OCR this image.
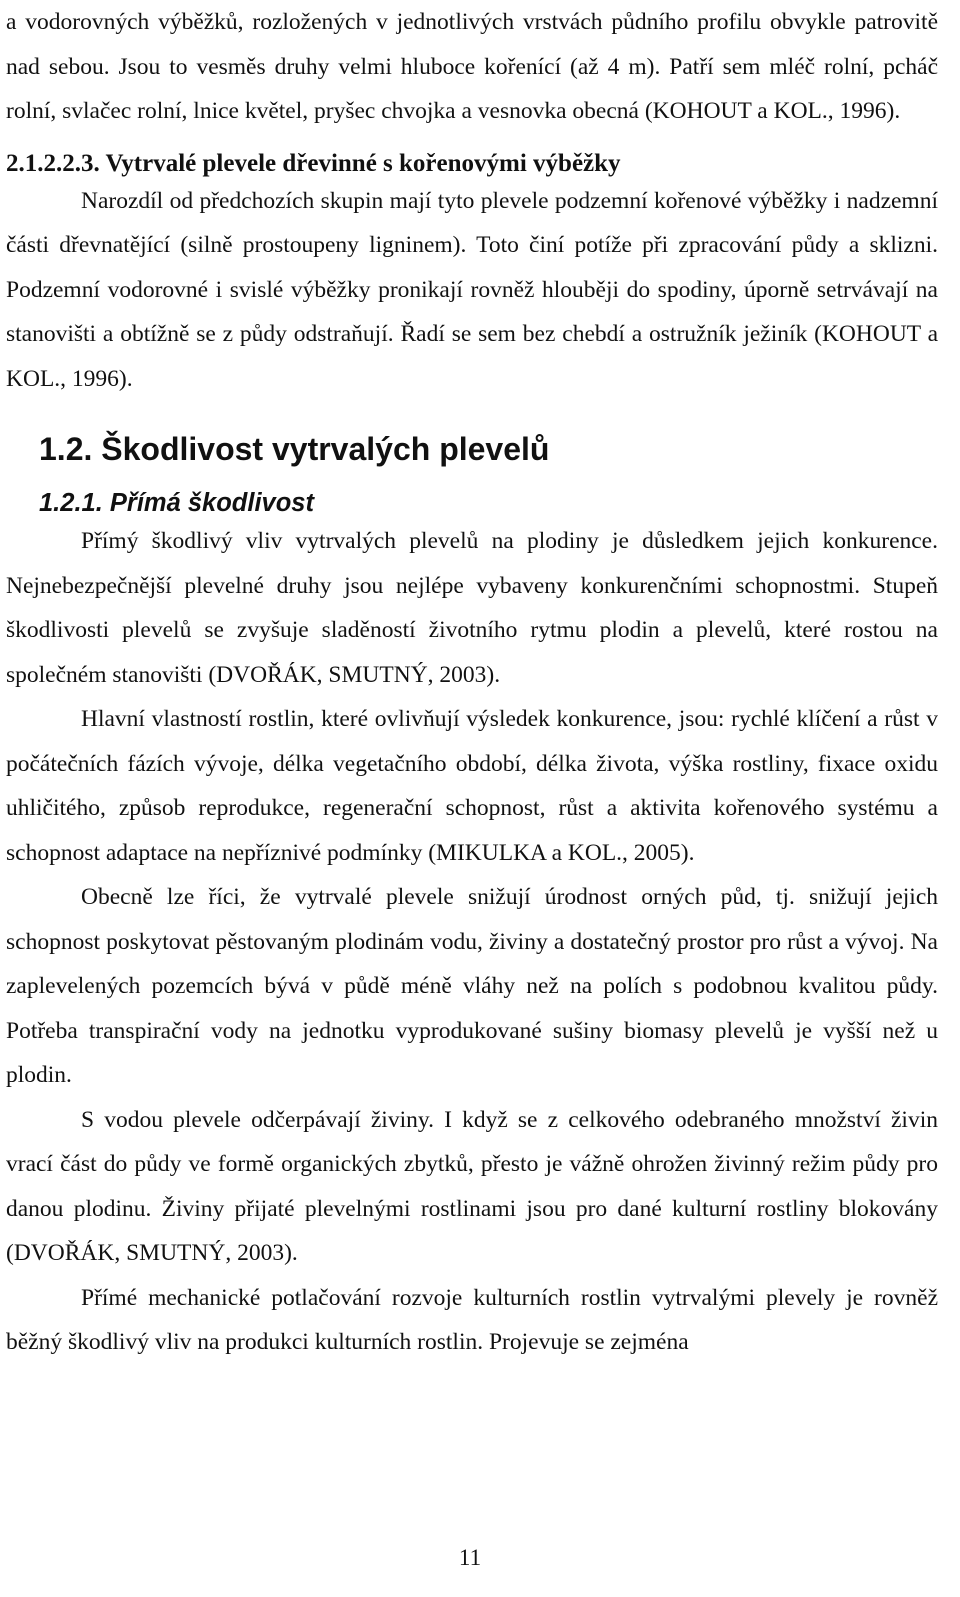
a vodorovných výběžků, rozložených v jednotlivých vrstvách půdního profilu obvykle patrovitě nad sebou. Jsou to vesměs druhy velmi hluboce kořenící (až 4 m). Patří sem mléč rolní, pcháč rolní, svlačec rolní, lnice květel, pryšec chvojka a vesnovka obecná (KOHOUT a KOL., 1996).

2.1.2.2.3. Vytrvalé plevele dřevinné s kořenovými výběžky

Narozdíl od předchozích skupin mají tyto plevele podzemní kořenové výběžky i nadzemní části dřevnatějící (silně prostoupeny ligninem). Toto činí potíže při zpracování půdy a sklizni. Podzemní vodorovné i svislé výběžky pronikají rovněž hlouběji do spodiny, úporně setrvávají na stanovišti a obtížně se z půdy odstraňují. Řadí se sem bez chebdí a ostružník ježiník (KOHOUT a KOL., 1996).

1.2. Škodlivost vytrvalých plevelů
1.2.1. Přímá škodlivost

Přímý škodlivý vliv vytrvalých plevelů na plodiny je důsledkem jejich konkurence. Nejnebezpečnější plevelné druhy jsou nejlépe vybaveny konkurenčními schopnostmi. Stupeň škodlivosti plevelů se zvyšuje sladěností životního rytmu plodin a plevelů, které rostou na společném stanovišti (DVOŘÁK, SMUTNÝ, 2003).

Hlavní vlastností rostlin, které ovlivňují výsledek konkurence, jsou: rychlé klíčení a růst v počátečních fázích vývoje, délka vegetačního období, délka života, výška rostliny, fixace oxidu uhličitého, způsob reprodukce, regenerační schopnost, růst a aktivita kořenového systému a schopnost adaptace na nepříznivé podmínky (MIKULKA a KOL., 2005).

Obecně lze říci, že vytrvalé plevele snižují úrodnost orných půd, tj. snižují jejich schopnost poskytovat pěstovaným plodinám vodu, živiny a dostatečný prostor pro růst a vývoj. Na zaplevelených pozemcích bývá v půdě méně vláhy než na polích s podobnou kvalitou půdy. Potřeba transpirační vody na jednotku vyprodukované sušiny biomasy plevelů je vyšší než u plodin.

S vodou plevele odčerpávají živiny. I když se z celkového odebraného množství živin vrací část do půdy ve formě organických zbytků, přesto je vážně ohrožen živinný režim půdy pro danou plodinu. Živiny přijaté plevelnými rostlinami jsou pro dané kulturní rostliny blokovány (DVOŘÁK, SMUTNÝ, 2003).

Přímé mechanické potlačování rozvoje kulturních rostlin vytrvalými plevely je rovněž běžný škodlivý vliv na produkci kulturních rostlin. Projevuje se zejména

11
